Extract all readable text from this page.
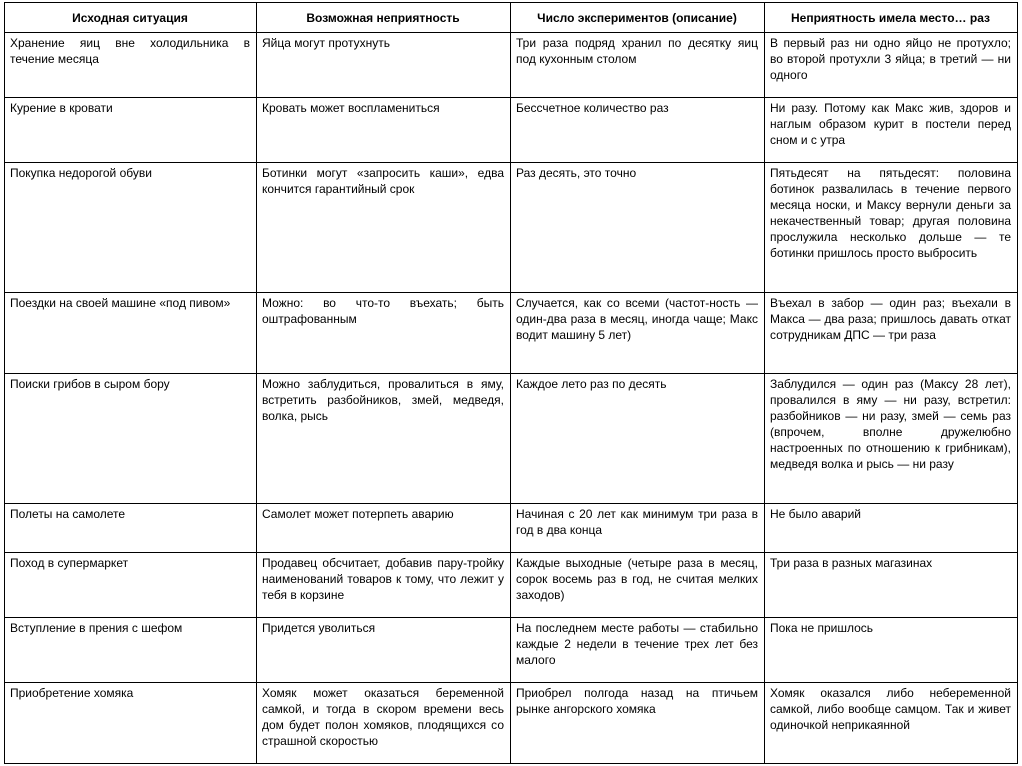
Исходная ситуация	Возможная неприятность	Число экспериментов (описание)	Неприятность имела место… раз
Хранение яиц вне холодильника в течение месяца	Яйца могут протухнуть	Три раза подряд хранил по десятку яиц под кухонным столом	В первый раз ни одно яйцо не протухло; во второй протухли 3 яйца; в третий — ни одного
Курение в кровати	Кровать может воспламениться	Бессчетное количество раз	Ни разу. Потому как Макс жив, здоров и наглым образом курит в постели перед сном и с утра
Покупка недорогой обуви	Ботинки могут «запросить каши», едва кончится гарантийный срок	Раз десять, это точно	Пятьдесят на пятьдесят: половина ботинок развалилась в течение первого месяца носки, и Максу вернули деньги за некачественный товар; другая половина прослужила несколько дольше — те ботинки пришлось просто выбросить
Поездки на своей машине «под пивом»	Можно: во что-то въехать; быть оштрафованным	Случается, как со всеми (частот-ность — один-два раза в месяц, иногда чаще; Макс водит машину 5 лет)	Въехал в забор — один раз; въехали в Макса — два раза; пришлось давать откат сотрудникам ДПС — три раза
Поиски грибов в сыром бору	Можно заблудиться, провалиться в яму, встретить разбойников, змей, медведя, волка, рысь	Каждое лето раз по десять	Заблудился — один раз (Максу 28 лет), провалился в яму — ни разу, встретил: разбойников — ни разу, змей — семь раз (впрочем, вполне дружелюбно настроенных по отношению к грибникам), медведя волка и рысь — ни разу
Полеты на самолете	Самолет может потерпеть аварию	Начиная с 20 лет как минимум три раза в год в два конца	Не было аварий
Поход в супермаркет	Продавец обсчитает, добавив пару-тройку наименований товаров к тому, что лежит у тебя в корзине	Каждые выходные (четыре раза в месяц, сорок восемь раз в год, не считая мелких заходов)	Три раза в разных магазинах
Вступление в прения с шефом	Придется уволиться	На последнем месте работы — стабильно каждые 2 недели в течение трех лет без малого	Пока не пришлось
Приобретение хомяка	Хомяк может оказаться беременной самкой, и тогда в скором времени весь дом будет полон хомяков, плодящихся со страшной скоростью	Приобрел полгода назад на птичьем рынке ангорского хомяка	Хомяк оказался либо небеременной самкой, либо вообще самцом. Так и живет одиночкой неприкаянной
